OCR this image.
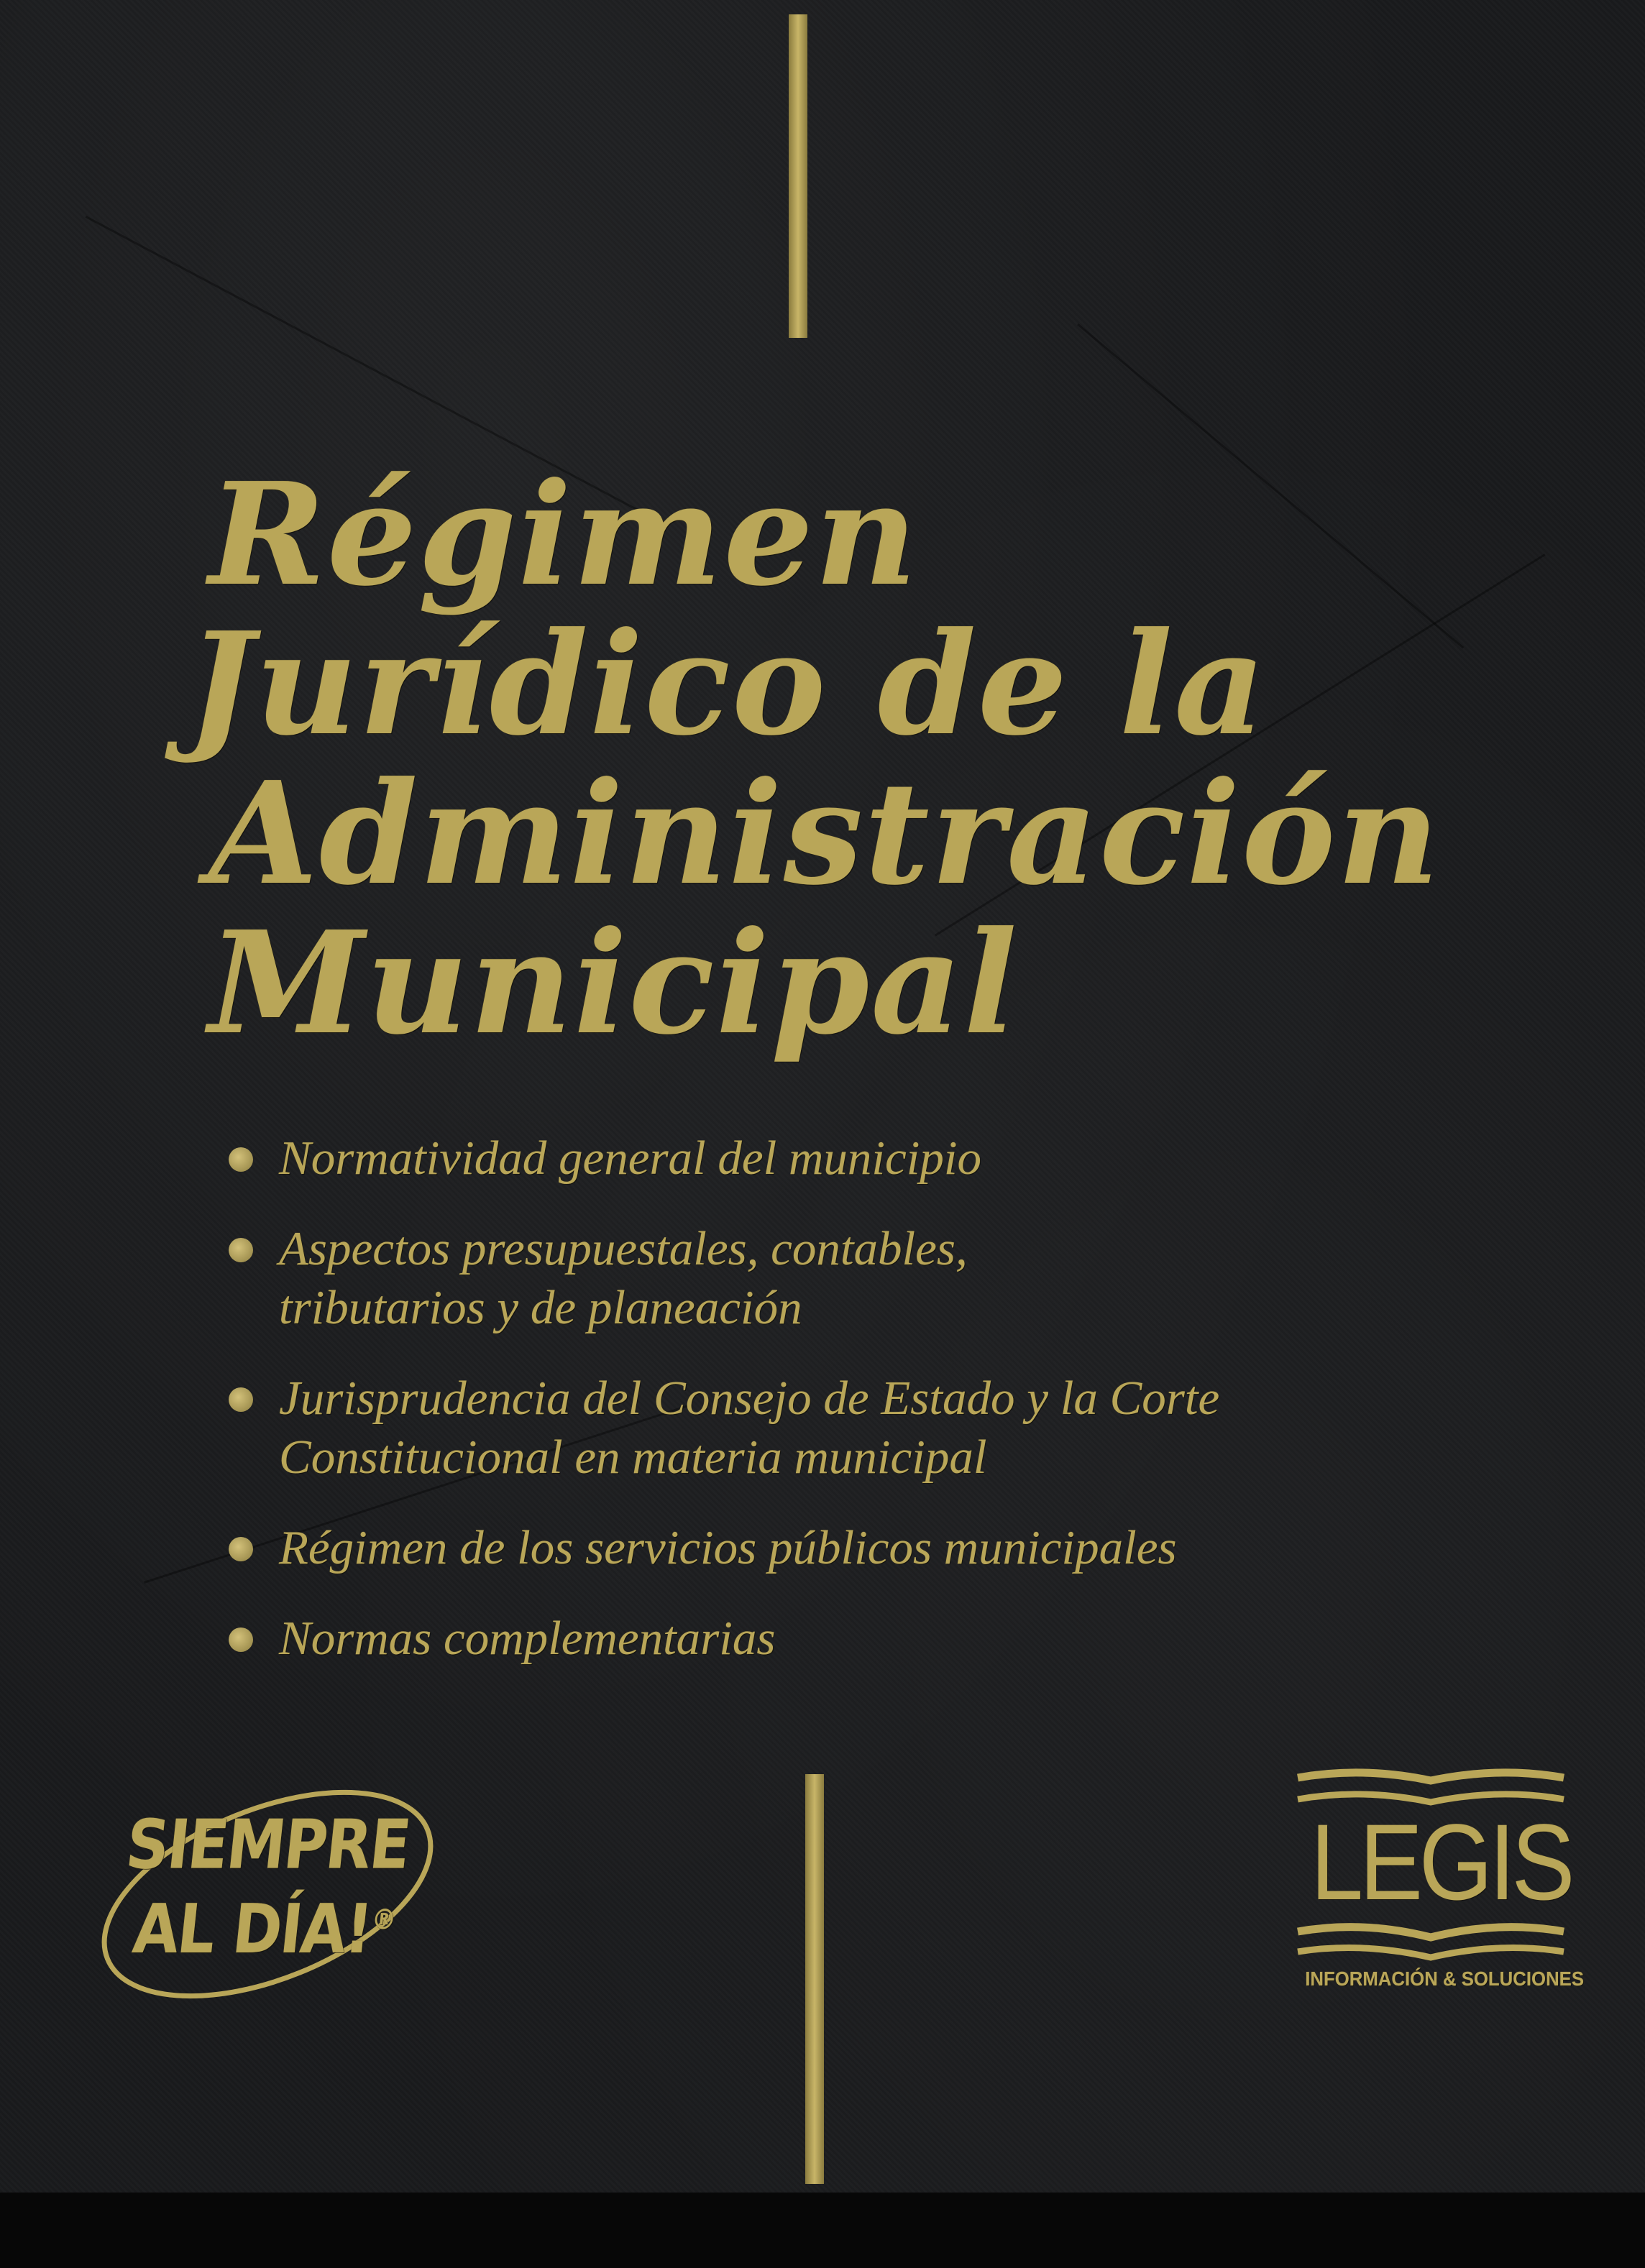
Régimen
Jurídico de la
Administración
Municipal
Normatividad general del municipio
Aspectos presupuestales, contables,
tributarios y de planeación
Jurisprudencia del Consejo de Estado y la Corte
Constitucional en materia municipal
Régimen de los servicios públicos municipales
Normas complementarias
SIEMPRE
AL DÍA!®	LEGIS
INFORMACIÓN & SOLUCIONES
